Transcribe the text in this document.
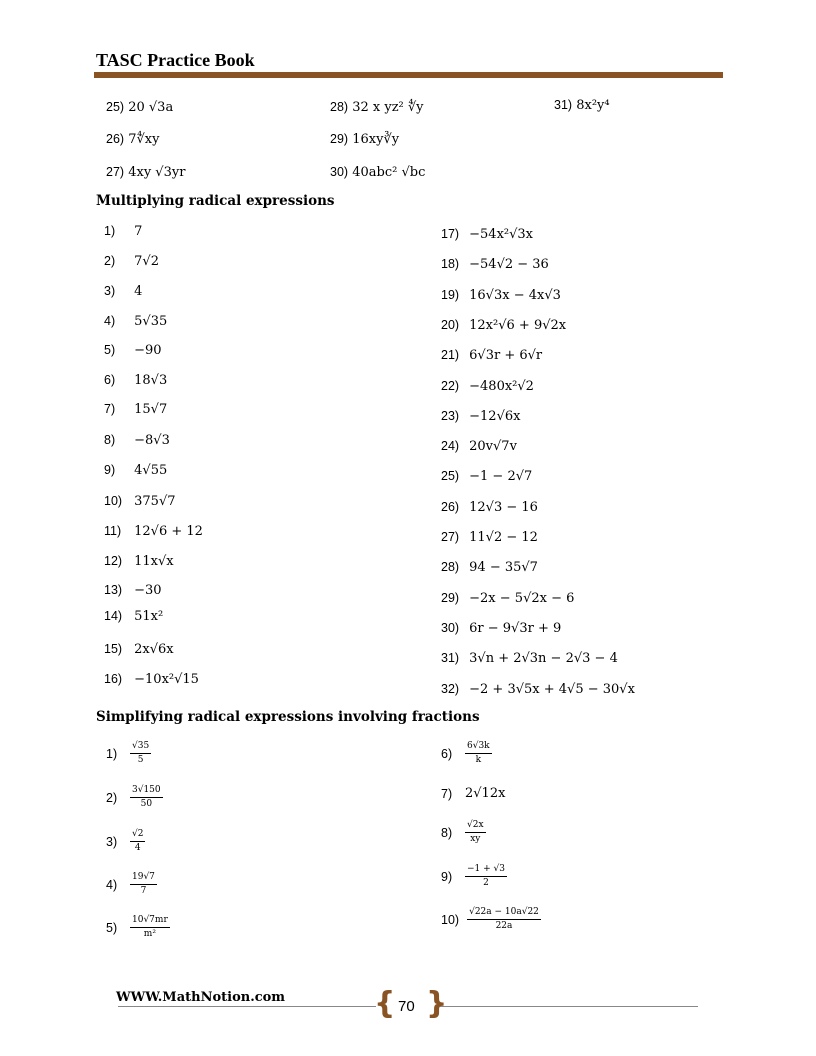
TASC Practice Book
25) 20 √3a
26) 7∜xy
27) 4xy √3yr
28) 32 x yz² ∜y
29) 16xy∛y
30) 40abc² √bc
31) 8x²y⁴
Multiplying radical expressions
1) 7
2) 7√2
3) 4
4) 5√35
5) −90
6) 18√3
7) 15√7
8) −8√3
9) 4√55
10) 375√7
11) 12√6 + 12
12) 11x√x
13) −30
14) 51x²
15) 2x√6x
16) −10x²√15
17) −54x²√3x
18) −54√2 − 36
19) 16√3x − 4x√3
20) 12x²√6 + 9√2x
21) 6√3r + 6√r
22) −480x²√2
23) −12√6x
24) 20v√7v
25) −1 − 2√7
26) 12√3 − 16
27) 11√2 − 12
28) 94 − 35√7
29) −2x − 5√2x − 6
30) 6r − 9√3r + 9
31) 3√n + 2√3n − 2√3 − 4
32) −2 + 3√5x + 4√5 − 30√x
Simplifying radical expressions involving fractions
1)	$\frac{√35}{5}$
2)	$\frac{3√150}{50}$
3)	$\frac{√2}{4}$
4)	$\frac{19√7}{7}$
5)	$\frac{10√7mr}{\text{m²}}$
6)	$\frac{6√3k}{k}$
7) 2√12x
8)	$\frac{√2x}{xy}$
9)	$\frac{-1 + √3}{2}$
$10) \frac{√22a - 10a√22}{22a}$
WWW.MathNotion.com	{ }
70
